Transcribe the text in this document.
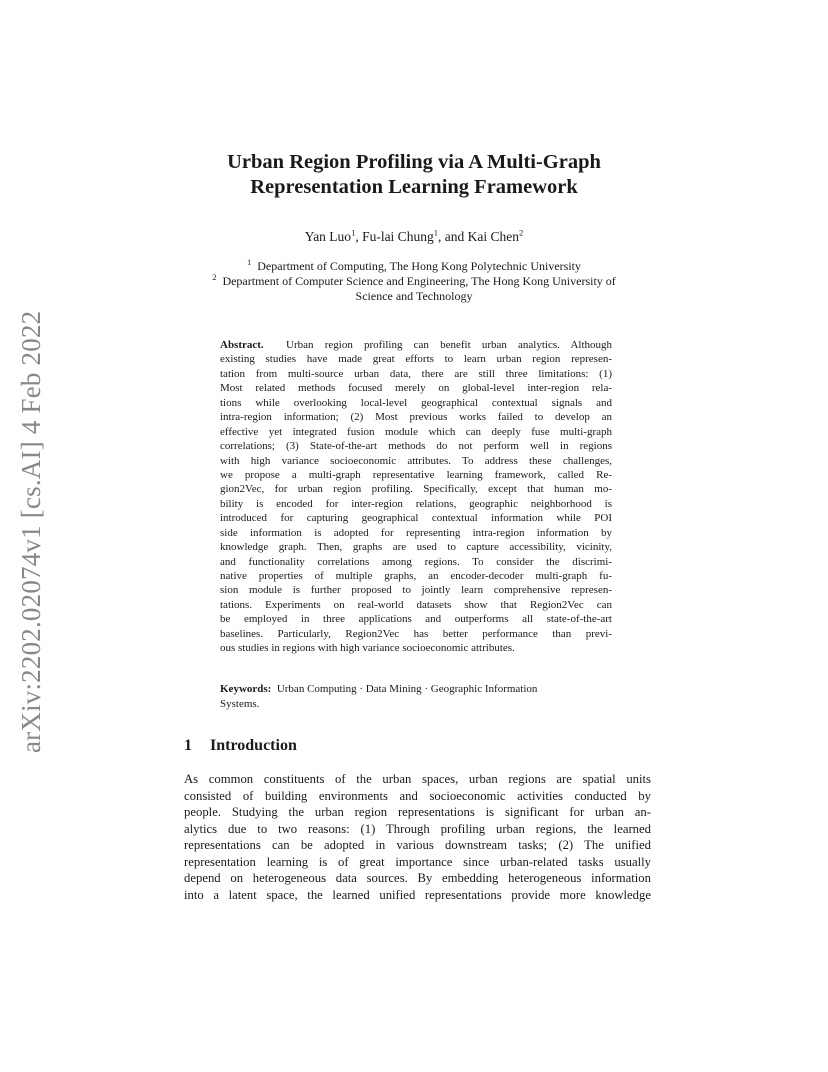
arXiv:2202.02074v1 [cs.AI] 4 Feb 2022
Urban Region Profiling via A Multi-Graph
Representation Learning Framework
Yan Luo$^1$, Fu-lai Chung$^1$, and Kai Chen$^2$
$^1$ Department of Computing, The Hong Kong Polytechnic University
$^2$ Department of Computer Science and Engineering, The Hong Kong University of
Science and Technology
Abstract. Urban region profiling can benefit urban analytics. Although
existing studies have made great efforts to learn urban region represen-
tation from multi-source urban data, there are still three limitations: (1)
Most related methods focused merely on global-level inter-region rela-
tions while overlooking local-level geographical contextual signals and
intra-region information; (2) Most previous works failed to develop an
effective yet integrated fusion module which can deeply fuse multi-graph
correlations; (3) State-of-the-art methods do not perform well in regions
with high variance socioeconomic attributes. To address these challenges,
we propose a multi-graph representative learning framework, called Re-
gion2Vec, for urban region profiling. Specifically, except that human mo-
bility is encoded for inter-region relations, geographic neighborhood is
introduced for capturing geographical contextual information while POI
side information is adopted for representing intra-region information by
knowledge graph. Then, graphs are used to capture accessibility, vicinity,
and functionality correlations among regions. To consider the discrimi-
native properties of multiple graphs, an encoder-decoder multi-graph fu-
sion module is further proposed to jointly learn comprehensive represen-
tations. Experiments on real-world datasets show that Region2Vec can
be employed in three applications and outperforms all state-of-the-art
baselines. Particularly, Region2Vec has better performance than previ-
ous studies in regions with high variance socioeconomic attributes.
Keywords: Urban Computing · Data Mining · Geographic Information
Systems.
1 Introduction
As common constituents of the urban spaces, urban regions are spatial units
consisted of building environments and socioeconomic activities conducted by
people. Studying the urban region representations is significant for urban an-
alytics due to two reasons: (1) Through profiling urban regions, the learned
representations can be adopted in various downstream tasks; (2) The unified
representation learning is of great importance since urban-related tasks usually
depend on heterogeneous data sources. By embedding heterogeneous information
into a latent space, the learned unified representations provide more knowledge
